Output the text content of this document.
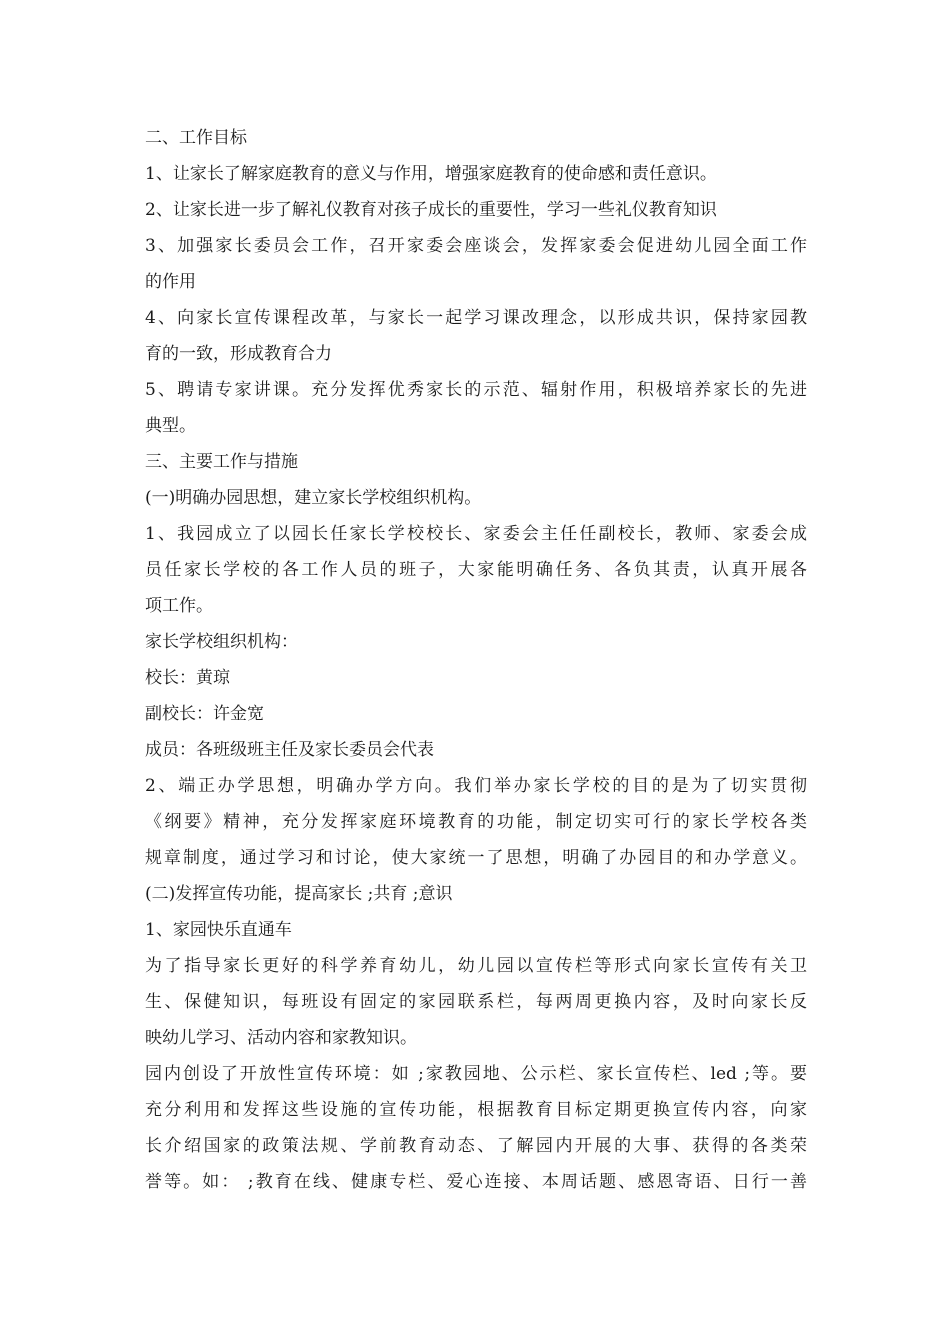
二、工作目标

1、让家长了解家庭教育的意义与作用，增强家庭教育的使命感和责任意识。

2、让家长进一步了解礼仪教育对孩子成长的重要性，学习一些礼仪教育知识

3、加强家长委员会工作，召开家委会座谈会，发挥家委会促进幼儿园全面工作

的作用

4、向家长宣传课程改革，与家长一起学习课改理念，以形成共识，保持家园教

育的一致，形成教育合力

5、聘请专家讲课。充分发挥优秀家长的示范、辐射作用，积极培养家长的先进

典型。

三、主要工作与措施

(一)明确办园思想，建立家长学校组织机构。

1、我园成立了以园长任家长学校校长、家委会主任任副校长，教师、家委会成

员任家长学校的各工作人员的班子，大家能明确任务、各负其责，认真开展各

项工作。

家长学校组织机构：

校长：黄琼

副校长：许金宽

成员：各班级班主任及家长委员会代表

2、端正办学思想，明确办学方向。我们举办家长学校的目的是为了切实贯彻

《纲要》精神，充分发挥家庭环境教育的功能，制定切实可行的家长学校各类

规章制度，通过学习和讨论，使大家统一了思想，明确了办园目的和办学意义。

(二)发挥宣传功能，提高家长 ;共育 ;意识

1、家园快乐直通车

为了指导家长更好的科学养育幼儿，幼儿园以宣传栏等形式向家长宣传有关卫

生、保健知识，每班设有固定的家园联系栏，每两周更换内容，及时向家长反

映幼儿学习、活动内容和家教知识。

园内创设了开放性宣传环境：如 ;家教园地、公示栏、家长宣传栏、led ;等。要

充分利用和发挥这些设施的宣传功能，根据教育目标定期更换宣传内容，向家

长介绍国家的政策法规、学前教育动态、了解园内开展的大事、获得的各类荣

誉等。如： ;教育在线、健康专栏、爱心连接、本周话题、感恩寄语、日行一善
